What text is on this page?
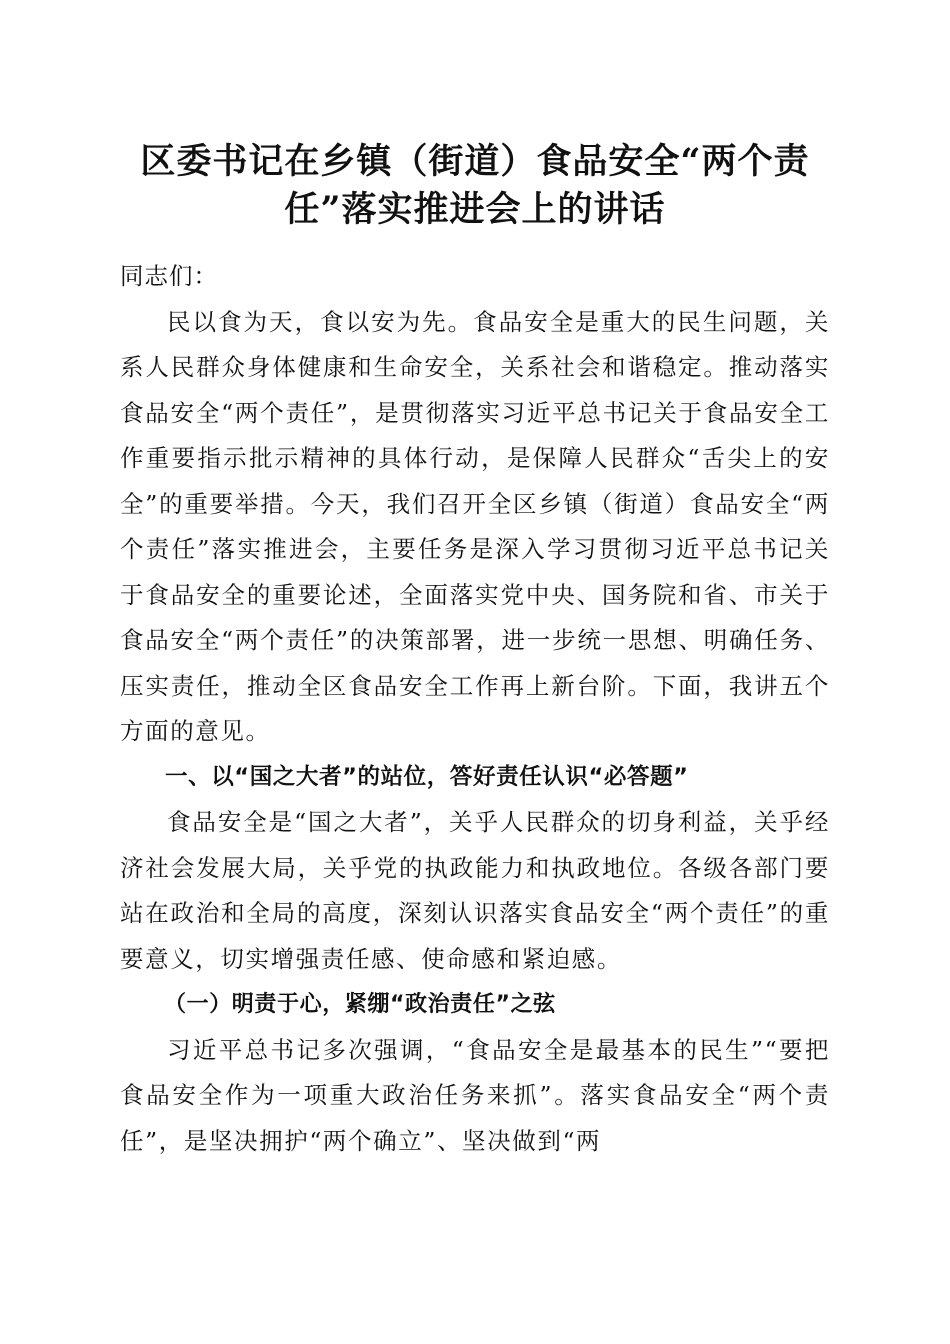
区委书记在乡镇（街道）食品安全“两个责任”落实推进会上的讲话

同志们：

民以食为天，食以安为先。食品安全是重大的民生问题，关系人民群众身体健康和生命安全，关系社会和谐稳定。推动落实食品安全“两个责任”，是贯彻落实习近平总书记关于食品安全工作重要指示批示精神的具体行动，是保障人民群众“舌尖上的安全”的重要举措。今天，我们召开全区乡镇（街道）食品安全“两个责任”落实推进会，主要任务是深入学习贯彻习近平总书记关于食品安全的重要论述，全面落实党中央、国务院和省、市关于食品安全“两个责任”的决策部署，进一步统一思想、明确任务、压实责任，推动全区食品安全工作再上新台阶。下面，我讲五个方面的意见。

一、以“国之大者”的站位，答好责任认识“必答题”

食品安全是“国之大者”，关乎人民群众的切身利益，关乎经济社会发展大局，关乎党的执政能力和执政地位。各级各部门要站在政治和全局的高度，深刻认识落实食品安全“两个责任”的重要意义，切实增强责任感、使命感和紧迫感。

（一）明责于心，紧绷“政治责任”之弦

习近平总书记多次强调，“食品安全是最基本的民生”“要把食品安全作为一项重大政治任务来抓”。落实食品安全“两个责任”，是坚决拥护“两个确立”、坚决做到“两
